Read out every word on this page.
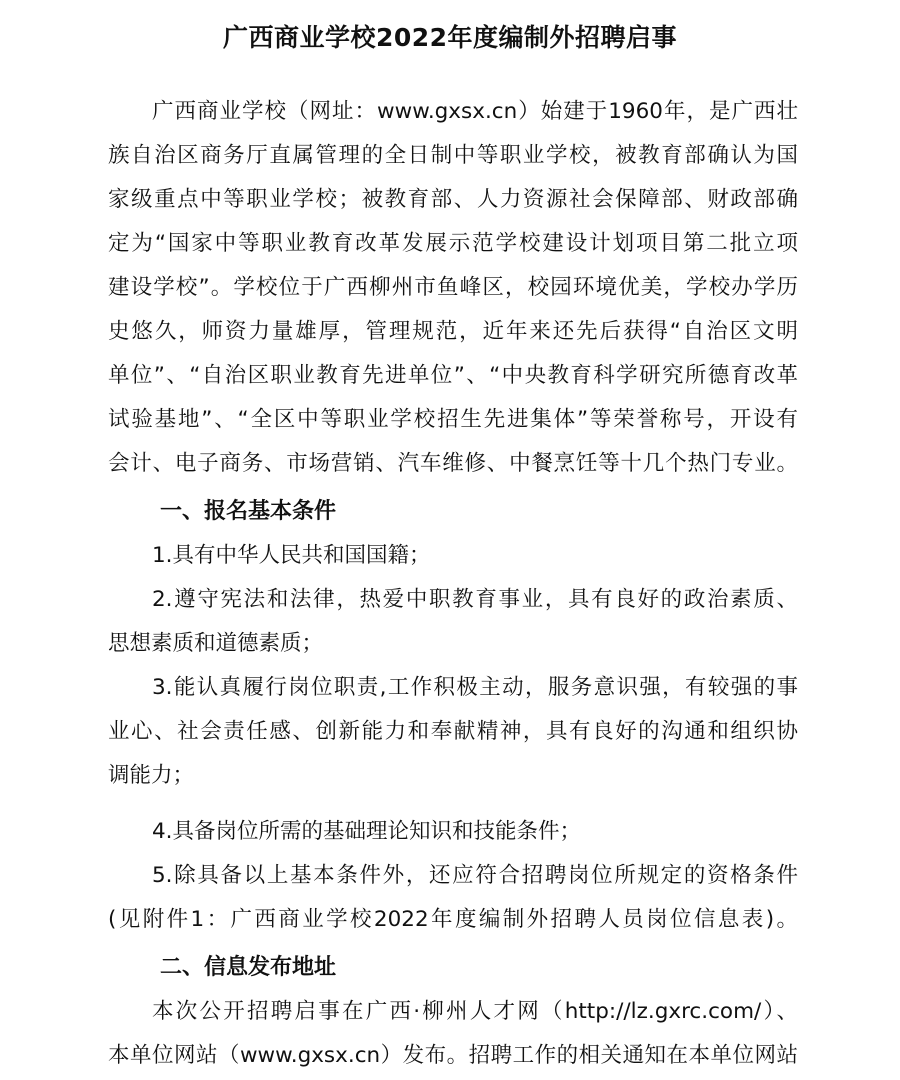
广西商业学校2022年度编制外招聘启事

广西商业学校（网址：www.gxsx.cn）始建于1960年，是广西壮

族自治区商务厅直属管理的全日制中等职业学校，被教育部确认为国

家级重点中等职业学校；被教育部、人力资源社会保障部、财政部确

定为“国家中等职业教育改革发展示范学校建设计划项目第二批立项

建设学校”。学校位于广西柳州市鱼峰区，校园环境优美，学校办学历

史悠久，师资力量雄厚，管理规范，近年来还先后获得“自治区文明

单位”、“自治区职业教育先进单位”、“中央教育科学研究所德育改革

试验基地”、“全区中等职业学校招生先进集体”等荣誉称号，开设有

会计、电子商务、市场营销、汽车维修、中餐烹饪等十几个热门专业。

一、报名基本条件

1.具有中华人民共和国国籍；

2.遵守宪法和法律，热爱中职教育事业，具有良好的政治素质、

思想素质和道德素质；

3.能认真履行岗位职责,工作积极主动，服务意识强，有较强的事

业心、社会责任感、创新能力和奉献精神，具有良好的沟通和组织协

调能力；

4.具备岗位所需的基础理论知识和技能条件；

5.除具备以上基本条件外，还应符合招聘岗位所规定的资格条件

(见附件1：广西商业学校2022年度编制外招聘人员岗位信息表)。

二、信息发布地址

本次公开招聘启事在广西·柳州人才网（http://lz.gxrc.com/）、

本单位网站（www.gxsx.cn）发布。招聘工作的相关通知在本单位网站
